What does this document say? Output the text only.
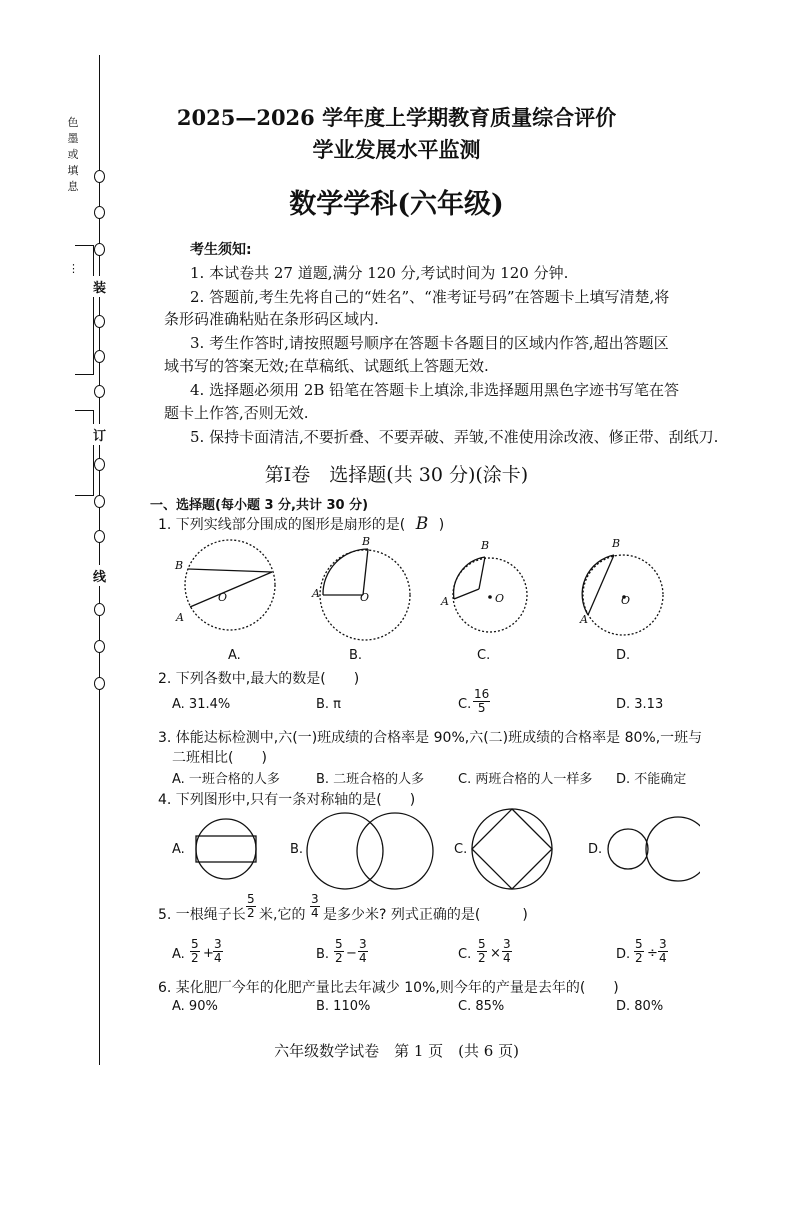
色
墨
或
填
息
⋮
装
订
线
2025—2026 学年度上学期教育质量综合评价
学业发展水平监测
数学学科(六年级)
考生须知:
1. 本试卷共 27 道题,满分 120 分,考试时间为 120 分钟.
2. 答题前,考生先将自己的“姓名”、“准考证号码”在答题卡上填写清楚,将
条形码准确粘贴在条形码区域内.
3. 考生作答时,请按照题号顺序在答题卡各题目的区域内作答,超出答题区
域书写的答案无效;在草稿纸、试题纸上答题无效.
4. 选择题必须用 2B 铅笔在答题卡上填涂,非选择题用黑色字迹书写笔在答
题卡上作答,否则无效.
5. 保持卡面清洁,不要折叠、不要弄破、弄皱,不准使用涂改液、修正带、刮纸刀.
第Ⅰ卷　选择题(共 30 分)(涂卡)
一、选择题(每小题 3 分,共计 30 分)
1. 下列实线部分围成的图形是扇形的是( B )
B
A
O
B
A	O
B
A	O
B
A
O
A.	B.	C.	D.
2. 下列各数中,最大的数是(　　)
A. 31.4%	B. π	C. $\frac{16}{5}$	D. 3.13
3. 体能达标检测中,六(一)班成绩的合格率是 90%,六(二)班成绩的合格率是 80%,一班与
二班相比(　　)
A. 一班合格的人多	B. 二班合格的人多	C. 两班合格的人一样多 D. 不能确定
4. 下列图形中,只有一条对称轴的是(　　)
A.	B.	C.	D.
5. 一根绳子长 $\frac{5}{2}$ 米,它的 $\frac{3}{4}$ 是多少米? 列式正确的是(　　　)
A. $\frac{5}{2} + \frac{3}{4}$	B. $\frac{5}{2} - \frac{3}{4}$	C. $\frac{5}{2} \times \frac{3}{4}$	D. $\frac{5}{2} \div \frac{3}{4}$
6. 某化肥厂今年的化肥产量比去年减少 10%,则今年的产量是去年的(　　)
A. 90%	B. 110%	C. 85%	D. 80%
六年级数学试卷　第 1 页　(共 6 页)
